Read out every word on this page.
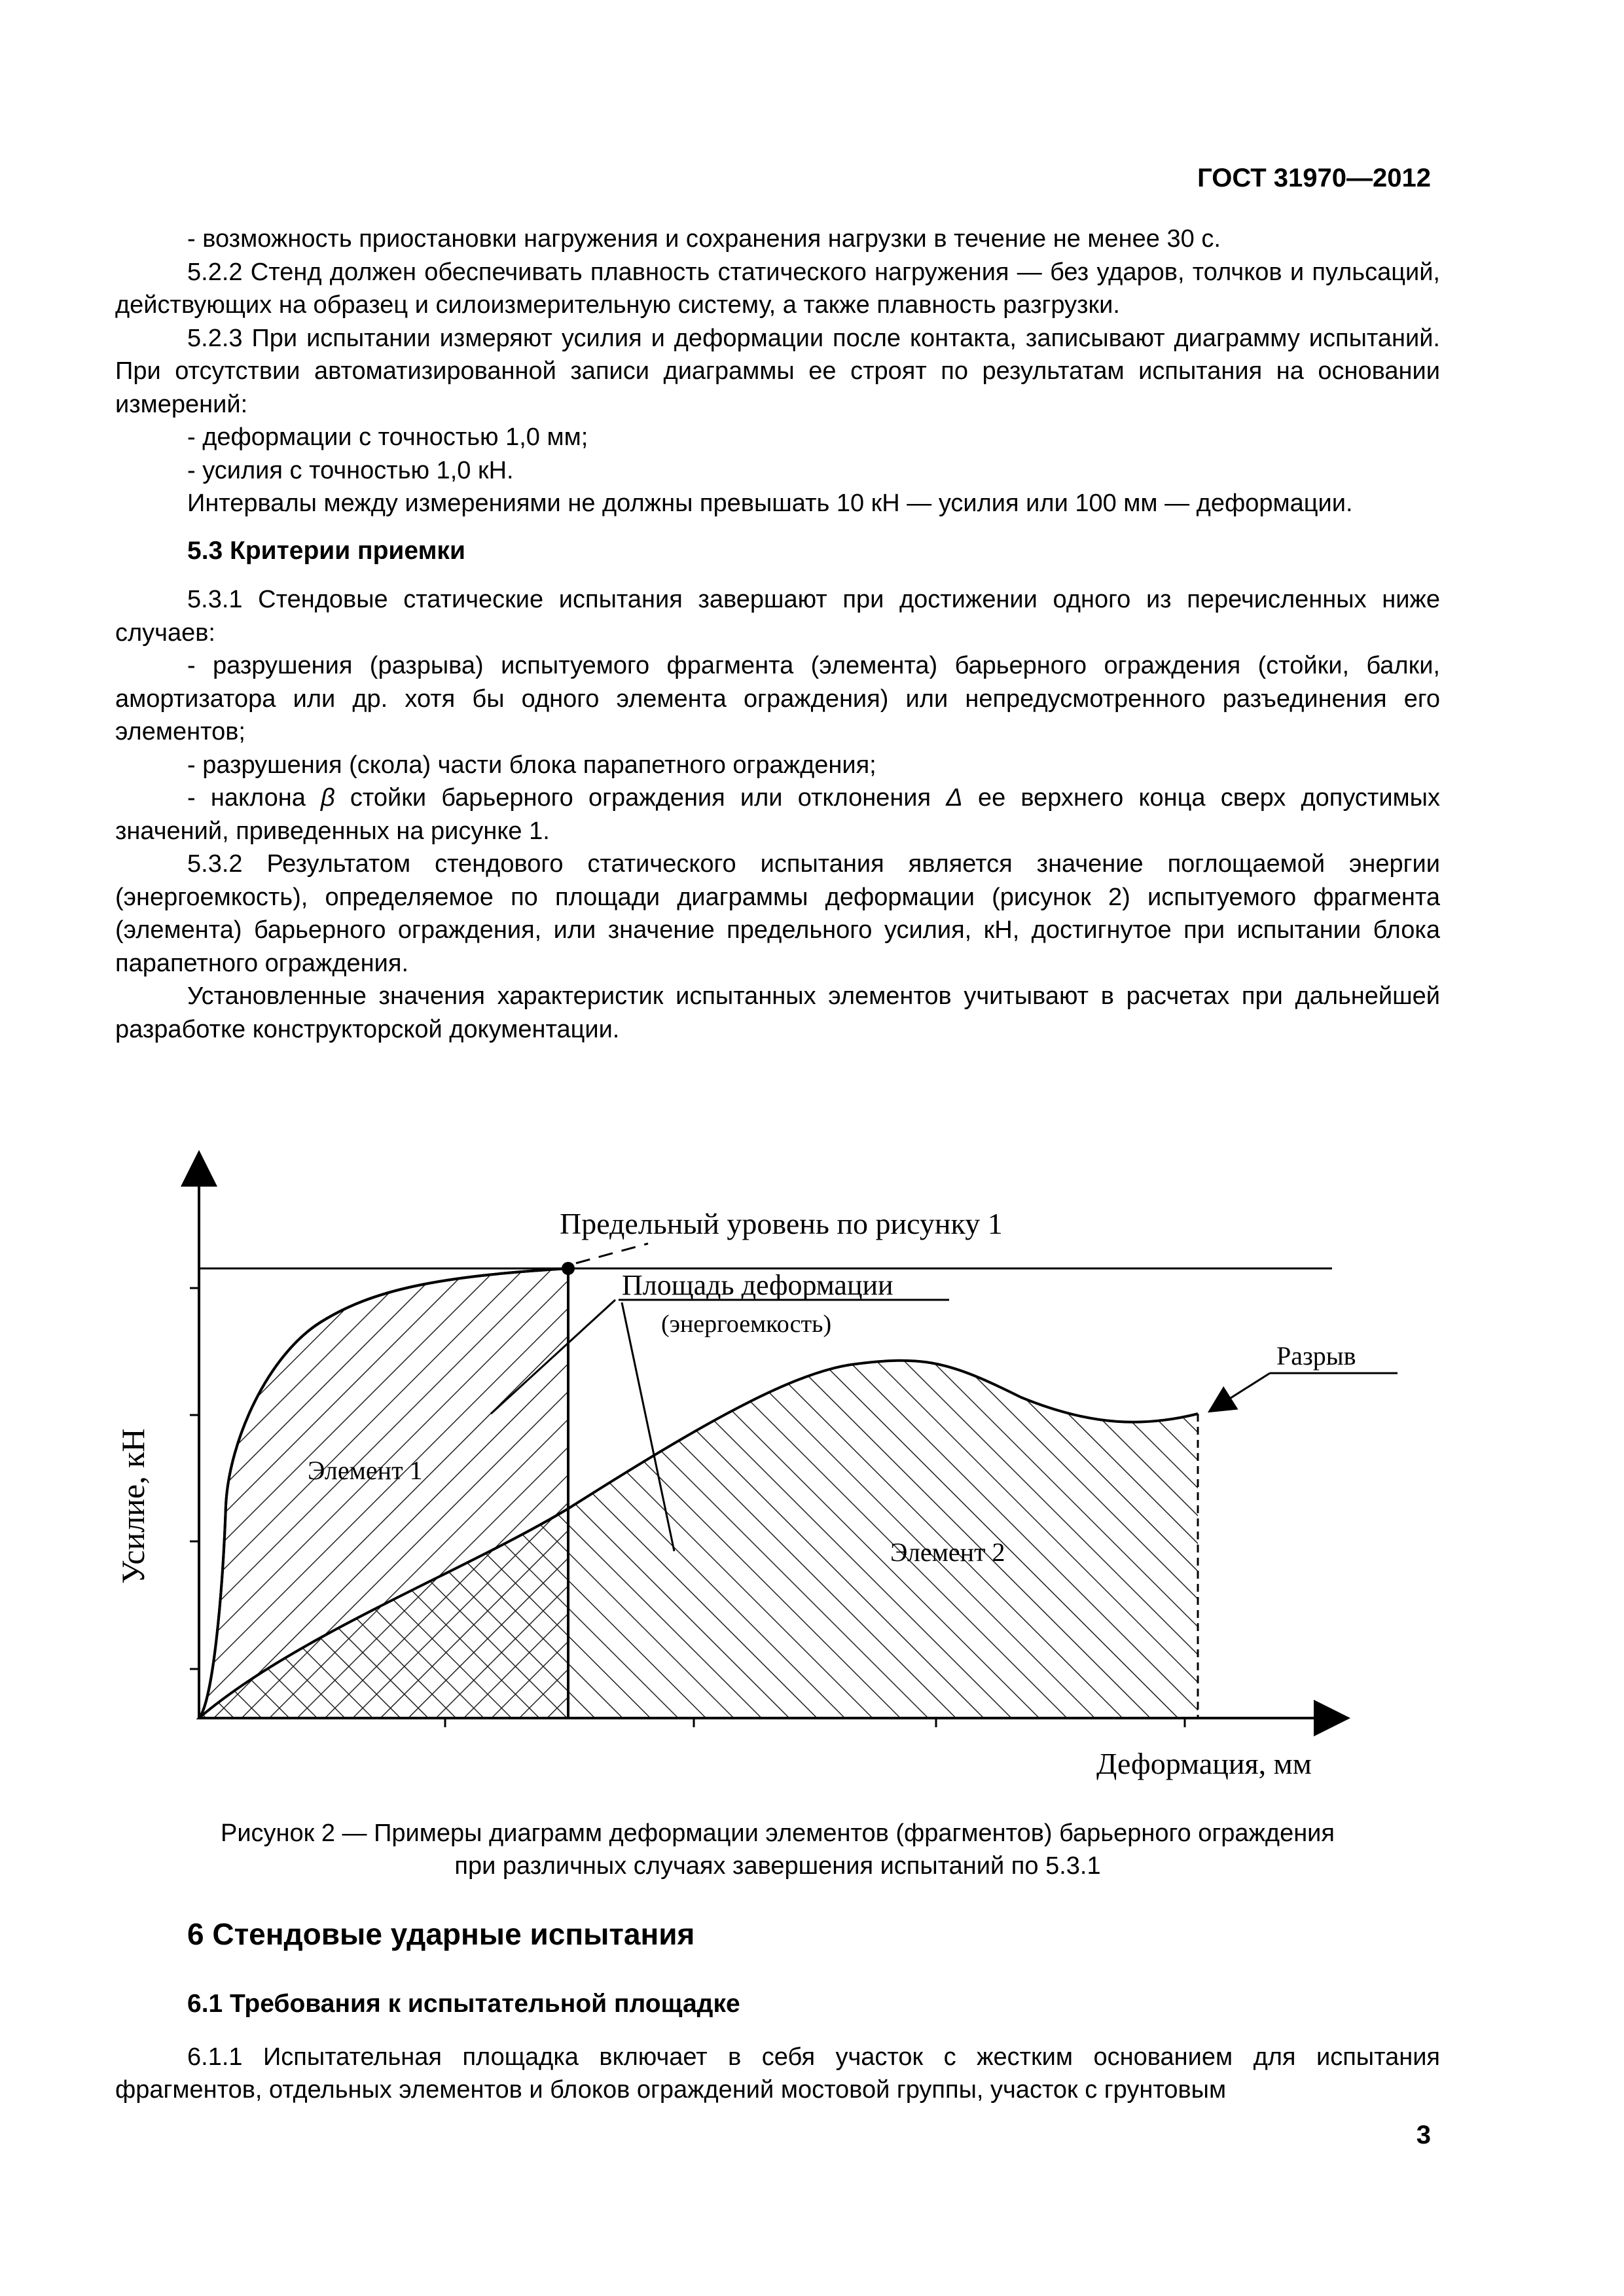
ГОСТ 31970—2012

- возможность приостановки нагружения и сохранения нагрузки в течение не менее 30 с.

5.2.2 Стенд должен обеспечивать плавность статического нагружения — без ударов, толчков и пульсаций, действующих на образец и силоизмерительную систему, а также плавность разгрузки.

5.2.3 При испытании измеряют усилия и деформации после контакта, записывают диаграмму испытаний. При отсутствии автоматизированной записи диаграммы ее строят по результатам испытания на основании измерений:

- деформации с точностью 1,0 мм;

- усилия с точностью 1,0 кН.

Интервалы между измерениями не должны превышать 10 кН — усилия или 100 мм — деформации.

5.3 Критерии приемки

5.3.1 Стендовые статические испытания завершают при достижении одного из перечисленных ниже случаев:

- разрушения (разрыва) испытуемого фрагмента (элемента) барьерного ограждения (стойки, балки, амортизатора или др. хотя бы одного элемента ограждения) или непредусмотренного разъединения его элементов;

- разрушения (скола) части блока парапетного ограждения;

- наклона β стойки барьерного ограждения или отклонения Δ ее верхнего конца сверх допустимых значений, приведенных на рисунке 1.

5.3.2 Результатом стендового статического испытания является значение поглощаемой энергии (энергоемкость), определяемое по площади диаграммы деформации (рисунок 2) испытуемого фрагмента (элемента) барьерного ограждения, или значение предельного усилия, кН, достигнутое при испытании блока парапетного ограждения.

Установленные значения характеристик испытанных элементов учитывают в расчетах при дальнейшей разработке конструкторской документации.

Предельный уровень по рисунку 1
Площадь деформации
(энергоемкость)
Разрыв
Элемент 1
Элемент 2
Деформация, мм
Усилие, кН
Рисунок 2 — Примеры диаграмм деформации элементов (фрагментов) барьерного ограждения
при различных случаях завершения испытаний по 5.3.1
6 Стендовые ударные испытания
6.1 Требования к испытательной площадке

6.1.1 Испытательная площадка включает в себя участок с жестким основанием для испытания фрагментов, отдельных элементов и блоков ограждений мостовой группы, участок с грунтовым

3
